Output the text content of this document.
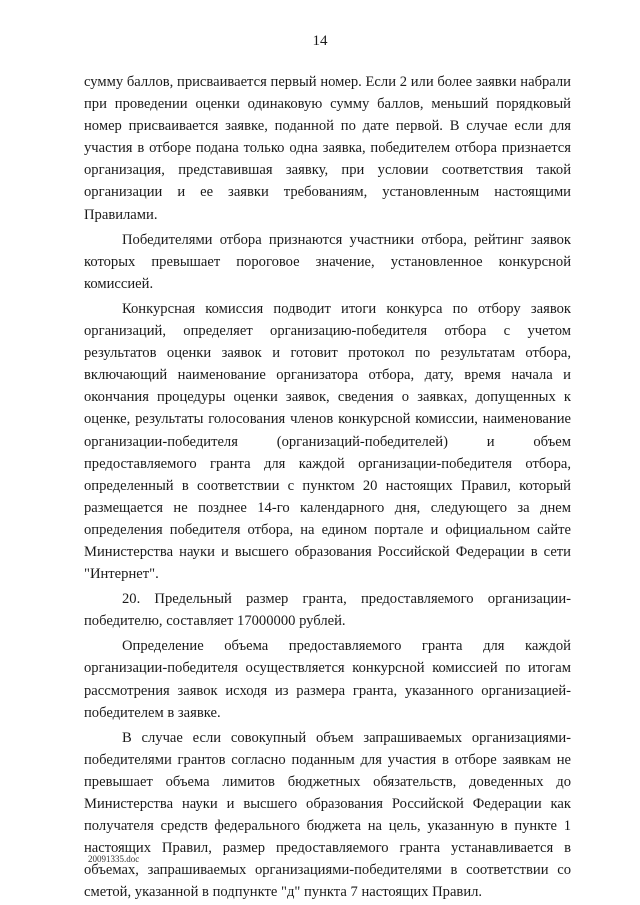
14

сумму баллов, присваивается первый номер. Если 2 или более заявки набрали при проведении оценки одинаковую сумму баллов, меньший порядковый номер присваивается заявке, поданной по дате первой. В случае если для участия в отборе подана только одна заявка, победителем отбора признается организация, представившая заявку, при условии соответствия такой организации и ее заявки требованиям, установленным настоящими Правилами.

Победителями отбора признаются участники отбора, рейтинг заявок которых превышает пороговое значение, установленное конкурсной комиссией.

Конкурсная комиссия подводит итоги конкурса по отбору заявок организаций, определяет организацию-победителя отбора с учетом результатов оценки заявок и готовит протокол по результатам отбора, включающий наименование организатора отбора, дату, время начала и окончания процедуры оценки заявок, сведения о заявках, допущенных к оценке, результаты голосования членов конкурсной комиссии, наименование организации-победителя (организаций-победителей) и объем предоставляемого гранта для каждой организации-победителя отбора, определенный в соответствии с пунктом 20 настоящих Правил, который размещается не позднее 14-го календарного дня, следующего за днем определения победителя отбора, на едином портале и официальном сайте Министерства науки и высшего образования Российской Федерации в сети "Интернет".

20. Предельный размер гранта, предоставляемого организации-победителю, составляет 17000000 рублей.

Определение объема предоставляемого гранта для каждой организации-победителя осуществляется конкурсной комиссией по итогам рассмотрения заявок исходя из размера гранта, указанного организацией-победителем в заявке.

В случае если совокупный объем запрашиваемых организациями-победителями грантов согласно поданным для участия в отборе заявкам не превышает объема лимитов бюджетных обязательств, доведенных до Министерства науки и высшего образования Российской Федерации как получателя средств федерального бюджета на цель, указанную в пункте 1 настоящих Правил, размер предоставляемого гранта устанавливается в объемах, запрашиваемых организациями-победителями в соответствии со сметой, указанной в подпункте "д" пункта 7 настоящих Правил.

20091335.doc
